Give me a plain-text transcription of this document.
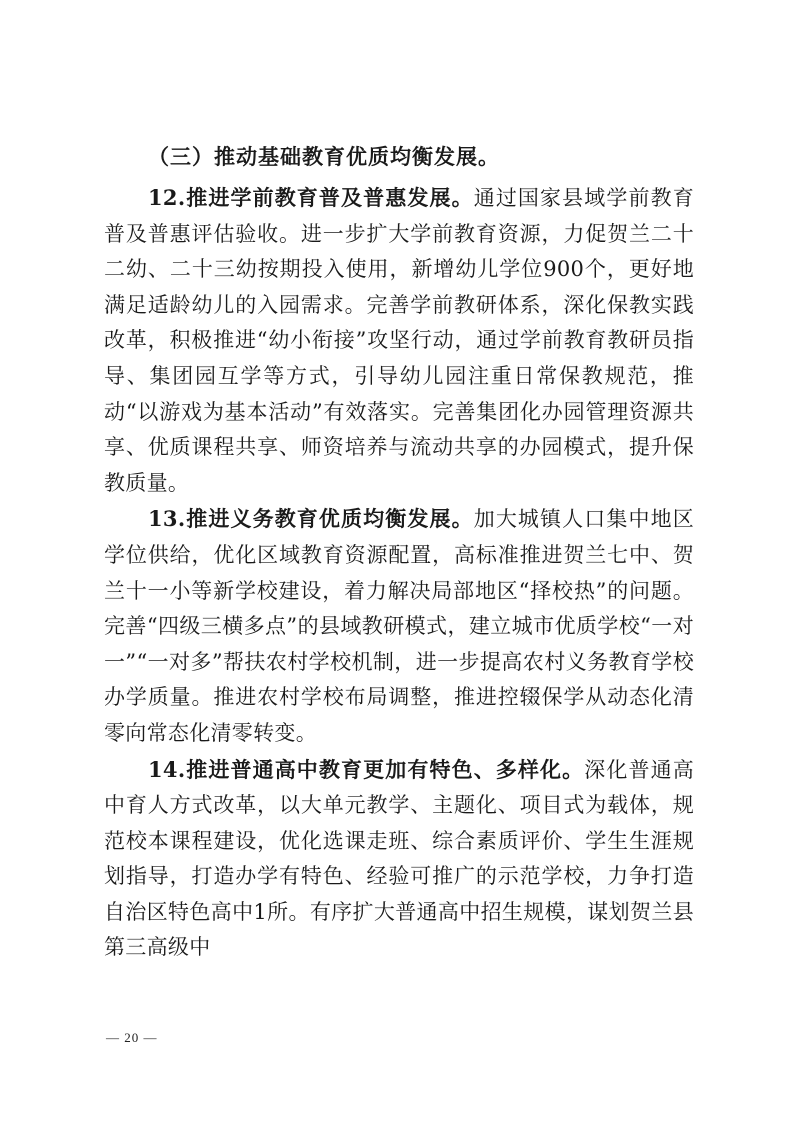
（三）推动基础教育优质均衡发展。

12.推进学前教育普及普惠发展。通过国家县域学前教育普及普惠评估验收。进一步扩大学前教育资源，力促贺兰二十二幼、二十三幼按期投入使用，新增幼儿学位900个，更好地满足适龄幼儿的入园需求。完善学前教研体系，深化保教实践改革，积极推进“幼小衔接”攻坚行动，通过学前教育教研员指导、集团园互学等方式，引导幼儿园注重日常保教规范，推动“以游戏为基本活动”有效落实。完善集团化办园管理资源共享、优质课程共享、师资培养与流动共享的办园模式，提升保教质量。

13.推进义务教育优质均衡发展。加大城镇人口集中地区学位供给，优化区域教育资源配置，高标准推进贺兰七中、贺兰十一小等新学校建设，着力解决局部地区“择校热”的问题。完善“四级三横多点”的县域教研模式，建立城市优质学校“一对一”“一对多”帮扶农村学校机制，进一步提高农村义务教育学校办学质量。推进农村学校布局调整，推进控辍保学从动态化清零向常态化清零转变。

14.推进普通高中教育更加有特色、多样化。深化普通高中育人方式改革，以大单元教学、主题化、项目式为载体，规范校本课程建设，优化选课走班、综合素质评价、学生生涯规划指导，打造办学有特色、经验可推广的示范学校，力争打造自治区特色高中1所。有序扩大普通高中招生规模，谋划贺兰县第三高级中

— 20 —
